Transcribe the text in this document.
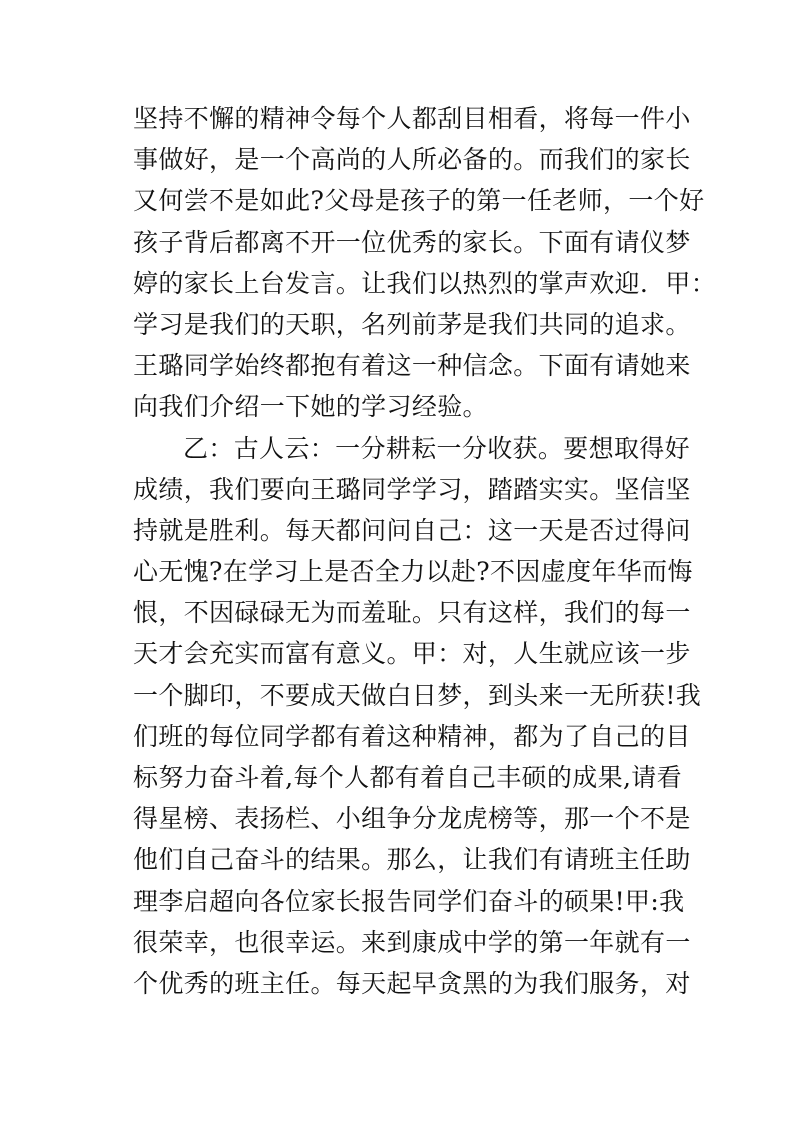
坚持不懈的精神令每个人都刮目相看，将每一件小
事做好，是一个高尚的人所必备的。而我们的家长
又何尝不是如此?父母是孩子的第一任老师，一个好
孩子背后都离不开一位优秀的家长。下面有请仪梦
婷的家长上台发言。让我们以热烈的掌声欢迎．甲：
学习是我们的天职，名列前茅是我们共同的追求。
王璐同学始终都抱有着这一种信念。下面有请她来
向我们介绍一下她的学习经验。
乙：古人云：一分耕耘一分收获。要想取得好
成绩，我们要向王璐同学学习，踏踏实实。坚信坚
持就是胜利。每天都问问自己：这一天是否过得问
心无愧?在学习上是否全力以赴?不因虚度年华而悔
恨，不因碌碌无为而羞耻。只有这样，我们的每一
天才会充实而富有意义。甲：对，人生就应该一步
一个脚印，不要成天做白日梦，到头来一无所获!我
们班的每位同学都有着这种精神，都为了自己的目
标努力奋斗着,每个人都有着自己丰硕的成果,请看
得星榜、表扬栏、小组争分龙虎榜等，那一个不是
他们自己奋斗的结果。那么，让我们有请班主任助
理李启超向各位家长报告同学们奋斗的硕果!甲:我
很荣幸，也很幸运。来到康成中学的第一年就有一
个优秀的班主任。每天起早贪黑的为我们服务，对
